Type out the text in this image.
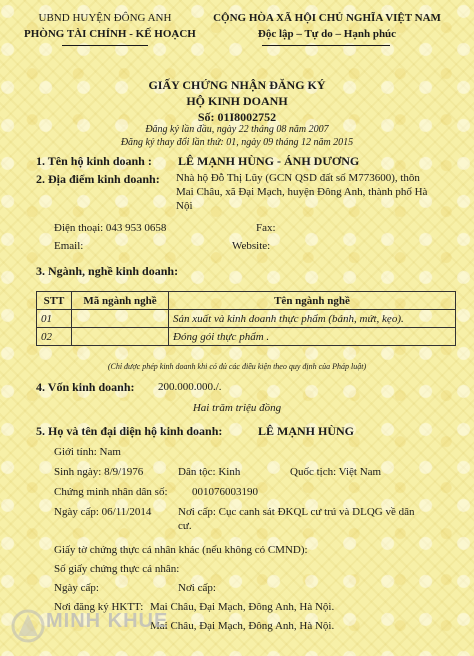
UBND HUYỆN ĐÔNG ANH
PHÒNG TÀI CHÍNH - KẾ HOẠCH
CỘNG HÒA XÃ HỘI CHỦ NGHĨA VIỆT NAM
Độc lập – Tự do – Hạnh phúc
GIẤY CHỨNG NHẬN ĐĂNG KÝ
HỘ KINH DOANH
Số: 01I8002752
Đăng ký lần đầu, ngày 22 tháng 08 năm 2007
Đăng ký thay đổi lần thứ: 01, ngày 09 tháng 12 năm 2015
1. Tên hộ kinh doanh : LÊ MẠNH HÙNG - ÁNH DƯƠNG
2. Địa điểm kinh doanh: Nhà hộ Đỗ Thị Lũy (GCN QSD đất số M773600), thôn
Mai Châu, xã Đại Mạch, huyện Đông Anh, thành phố Hà
Nội
Điện thoại: 043 953 0658	Fax:
Email:	Website:
3. Ngành, nghề kinh doanh:
STT	Mã ngành nghề	Tên ngành nghề
01		Sản xuất và kinh doanh thực phẩm (bánh, mứt, kẹo).
02		Đóng gói thực phẩm .
(Chỉ được phép kinh doanh khi có đủ các điều kiện theo quy định của Pháp luật)
4. Vốn kinh doanh: 200.000.000./.
Hai trăm triệu đồng
5. Họ và tên đại diện hộ kinh doanh:	LÊ MẠNH HÙNG
Giới tính: Nam
Sinh ngày: 8/9/1976	Dân tộc: Kinh	Quốc tịch: Việt Nam
Chứng minh nhân dân số: 001076003190
Ngày cấp: 06/11/2014 Nơi cấp: Cục canh sát ĐKQL cư trú và DLQG về dân
cư.
Giấy tờ chứng thực cá nhân khác (nếu không có CMND):
Số giấy chứng thực cá nhân:
Ngày cấp:	Nơi cấp:
Nơi đăng ký HKTT: Mai Châu, Đại Mạch, Đông Anh, Hà Nội.
Mai Châu, Đại Mạch, Đông Anh, Hà Nội.
MINH KHUE
